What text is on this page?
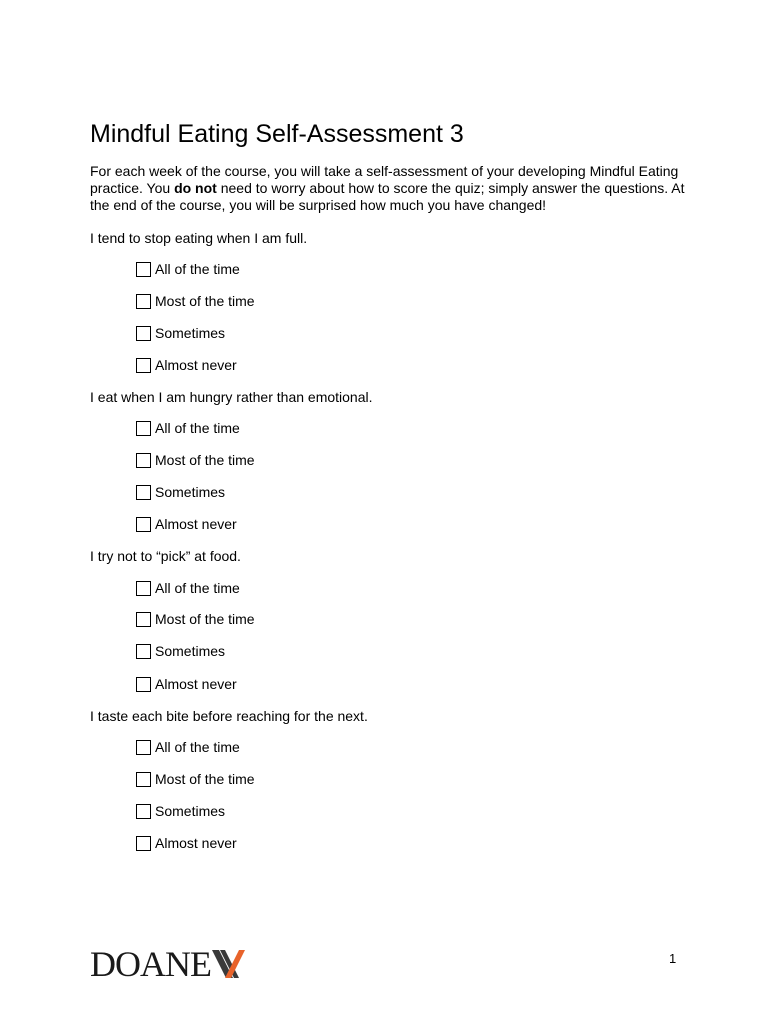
Mindful Eating Self-Assessment 3

For each week of the course, you will take a self-assessment of your developing Mindful Eating practice. You do not need to worry about how to score the quiz; simply answer the questions. At the end of the course, you will be surprised how much you have changed!

I tend to stop eating when I am full.
All of the time
Most of the time
Sometimes
Almost never
I eat when I am hungry rather than emotional.
All of the time
Most of the time
Sometimes
Almost never
I try not to “pick” at food.
All of the time
Most of the time
Sometimes
Almost never
I taste each bite before reaching for the next.
All of the time
Most of the time
Sometimes
Almost never
DOANE	1
